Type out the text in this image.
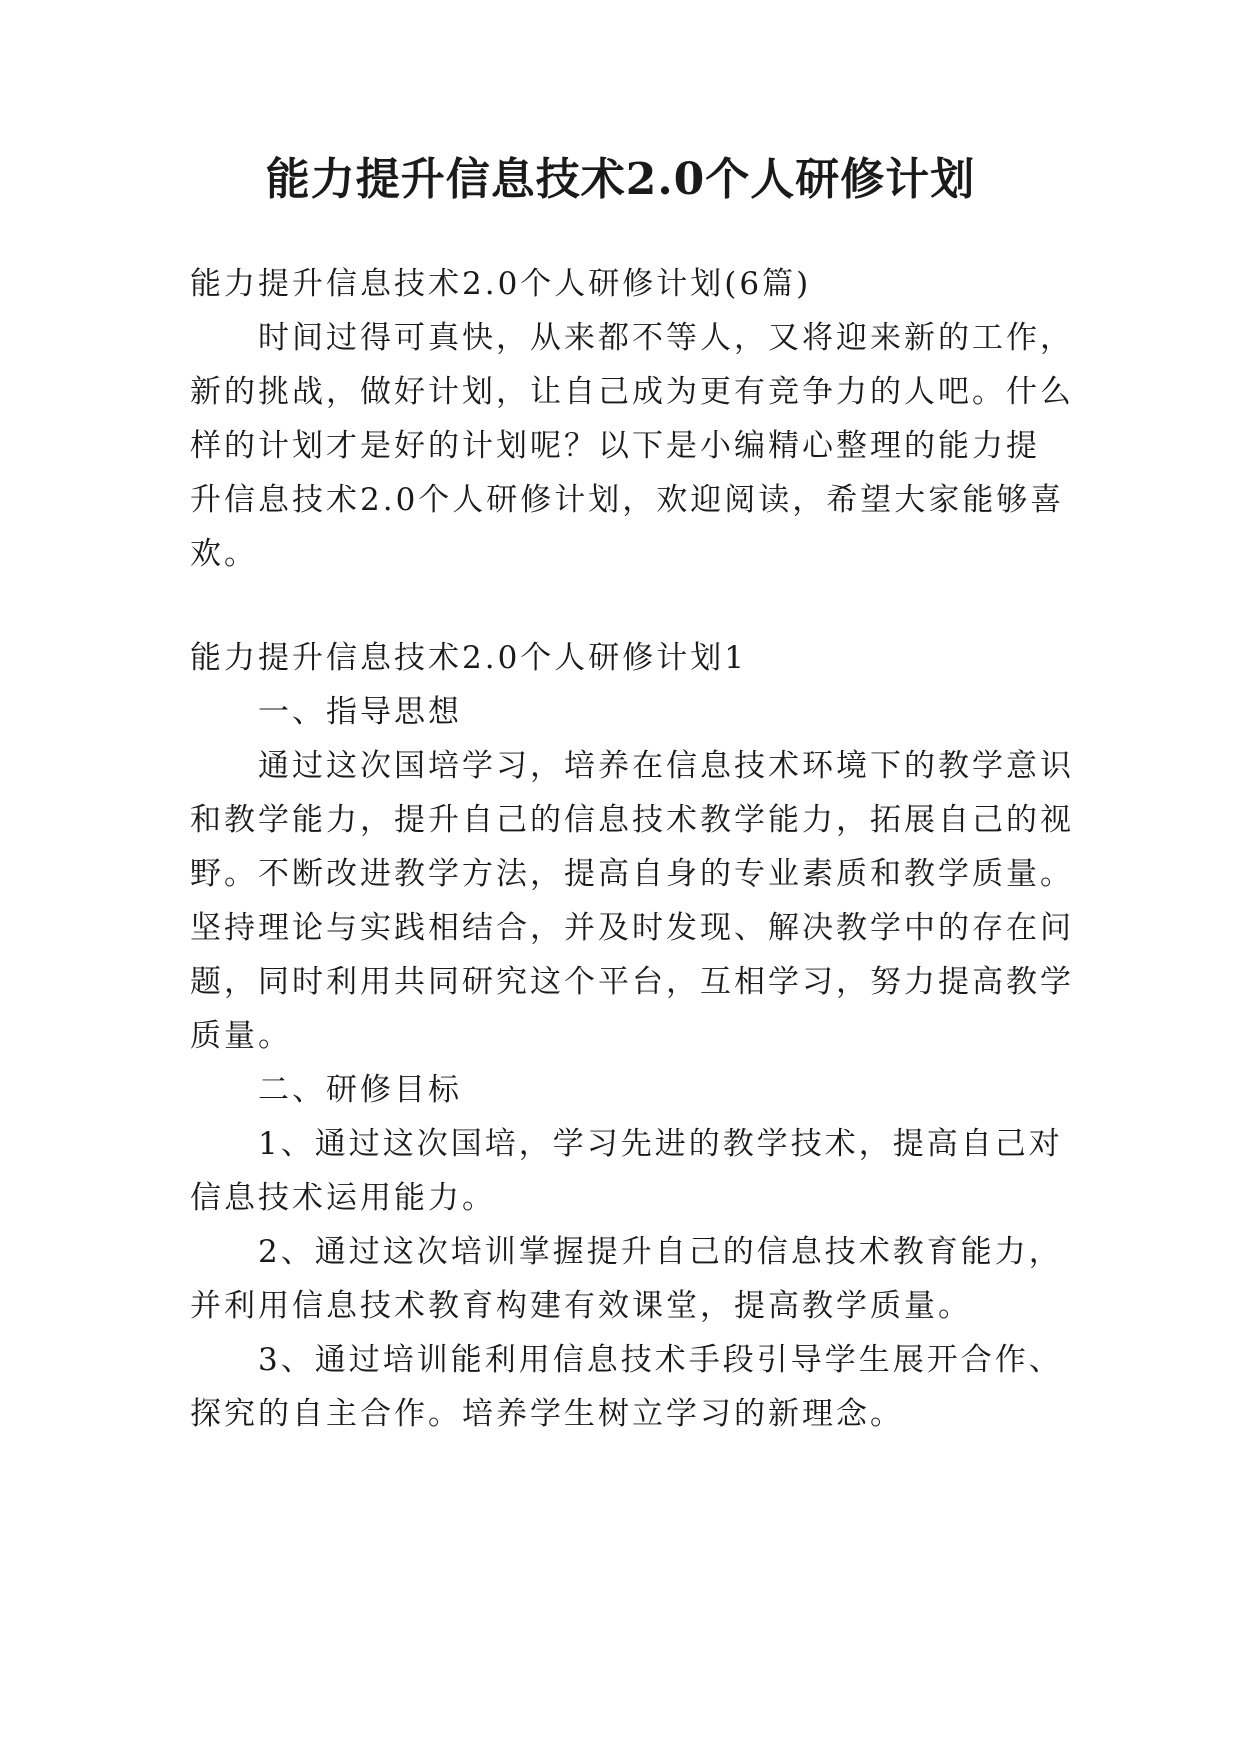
能力提升信息技术2.0个人研修计划
能力提升信息技术2.0个人研修计划(6篇)
时间过得可真快，从来都不等人，又将迎来新的工作，
新的挑战，做好计划，让自己成为更有竞争力的人吧。什么
样的计划才是好的计划呢？以下是小编精心整理的能力提
升信息技术2.0个人研修计划，欢迎阅读，希望大家能够喜
欢。
能力提升信息技术2.0个人研修计划1
一、指导思想
通过这次国培学习，培养在信息技术环境下的教学意识
和教学能力，提升自己的信息技术教学能力，拓展自己的视
野。不断改进教学方法，提高自身的专业素质和教学质量。
坚持理论与实践相结合，并及时发现、解决教学中的存在问
题，同时利用共同研究这个平台，互相学习，努力提高教学
质量。
二、研修目标
1、通过这次国培，学习先进的教学技术，提高自己对
信息技术运用能力。
2、通过这次培训掌握提升自己的信息技术教育能力，
并利用信息技术教育构建有效课堂，提高教学质量。
3、通过培训能利用信息技术手段引导学生展开合作、
探究的自主合作。培养学生树立学习的新理念。
